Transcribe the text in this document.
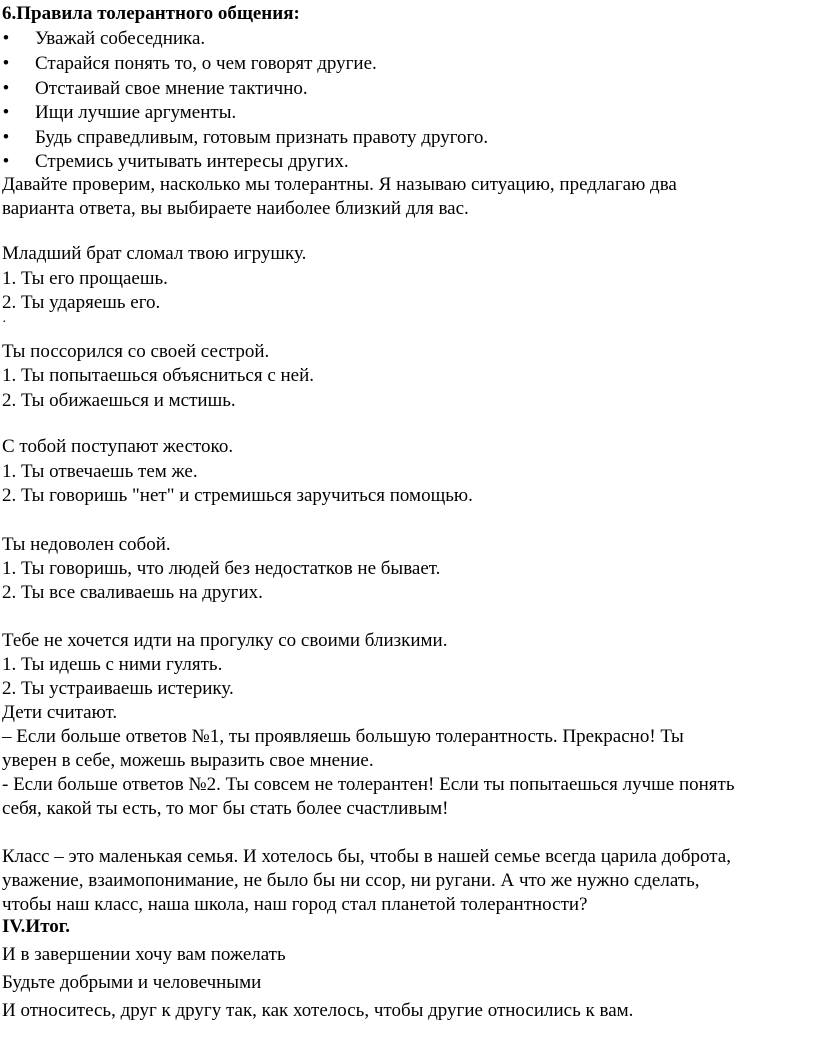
6.Правила толерантного общения:
• Уважай собеседника.
• Старайся понять то, о чем говорят другие.
• Отстаивай свое мнение тактично.
• Ищи лучшие аргументы.
• Будь справедливым, готовым признать правоту другого.
• Стремись учитывать интересы других.
Давайте проверим, насколько мы толерантны. Я называю ситуацию, предлагаю два
варианта ответа, вы выбираете наиболее близкий для вас.
Младший брат сломал твою игрушку.
1. Ты его прощаешь.
2. Ты ударяешь его.
·
Ты поссорился со своей сестрой.
1. Ты попытаешься объясниться с ней.
2. Ты обижаешься и мстишь.
С тобой поступают жестоко.
1. Ты отвечаешь тем же.
2. Ты говоришь "нет" и стремишься заручиться помощью.
Ты недоволен собой.
1. Ты говоришь, что людей без недостатков не бывает.
2. Ты все сваливаешь на других.
Тебе не хочется идти на прогулку со своими близкими.
1. Ты идешь с ними гулять.
2. Ты устраиваешь истерику.
Дети считают.
– Если больше ответов №1, ты проявляешь большую толерантность. Прекрасно! Ты
уверен в себе, можешь выразить свое мнение.
- Если больше ответов №2. Ты совсем не толерантен! Если ты попытаешься лучше понять
себя, какой ты есть, то мог бы стать более счастливым!
Класс – это маленькая семья. И хотелось бы, чтобы в нашей семье всегда царила доброта,
уважение, взаимопонимание, не было бы ни ссор, ни ругани. А что же нужно сделать,
чтобы наш класс, наша школа, наш город стал планетой толерантности?
IV.Итог.
И в завершении хочу вам пожелать
Будьте добрыми и человечными
И относитесь, друг к другу так, как хотелось, чтобы другие относились к вам.
